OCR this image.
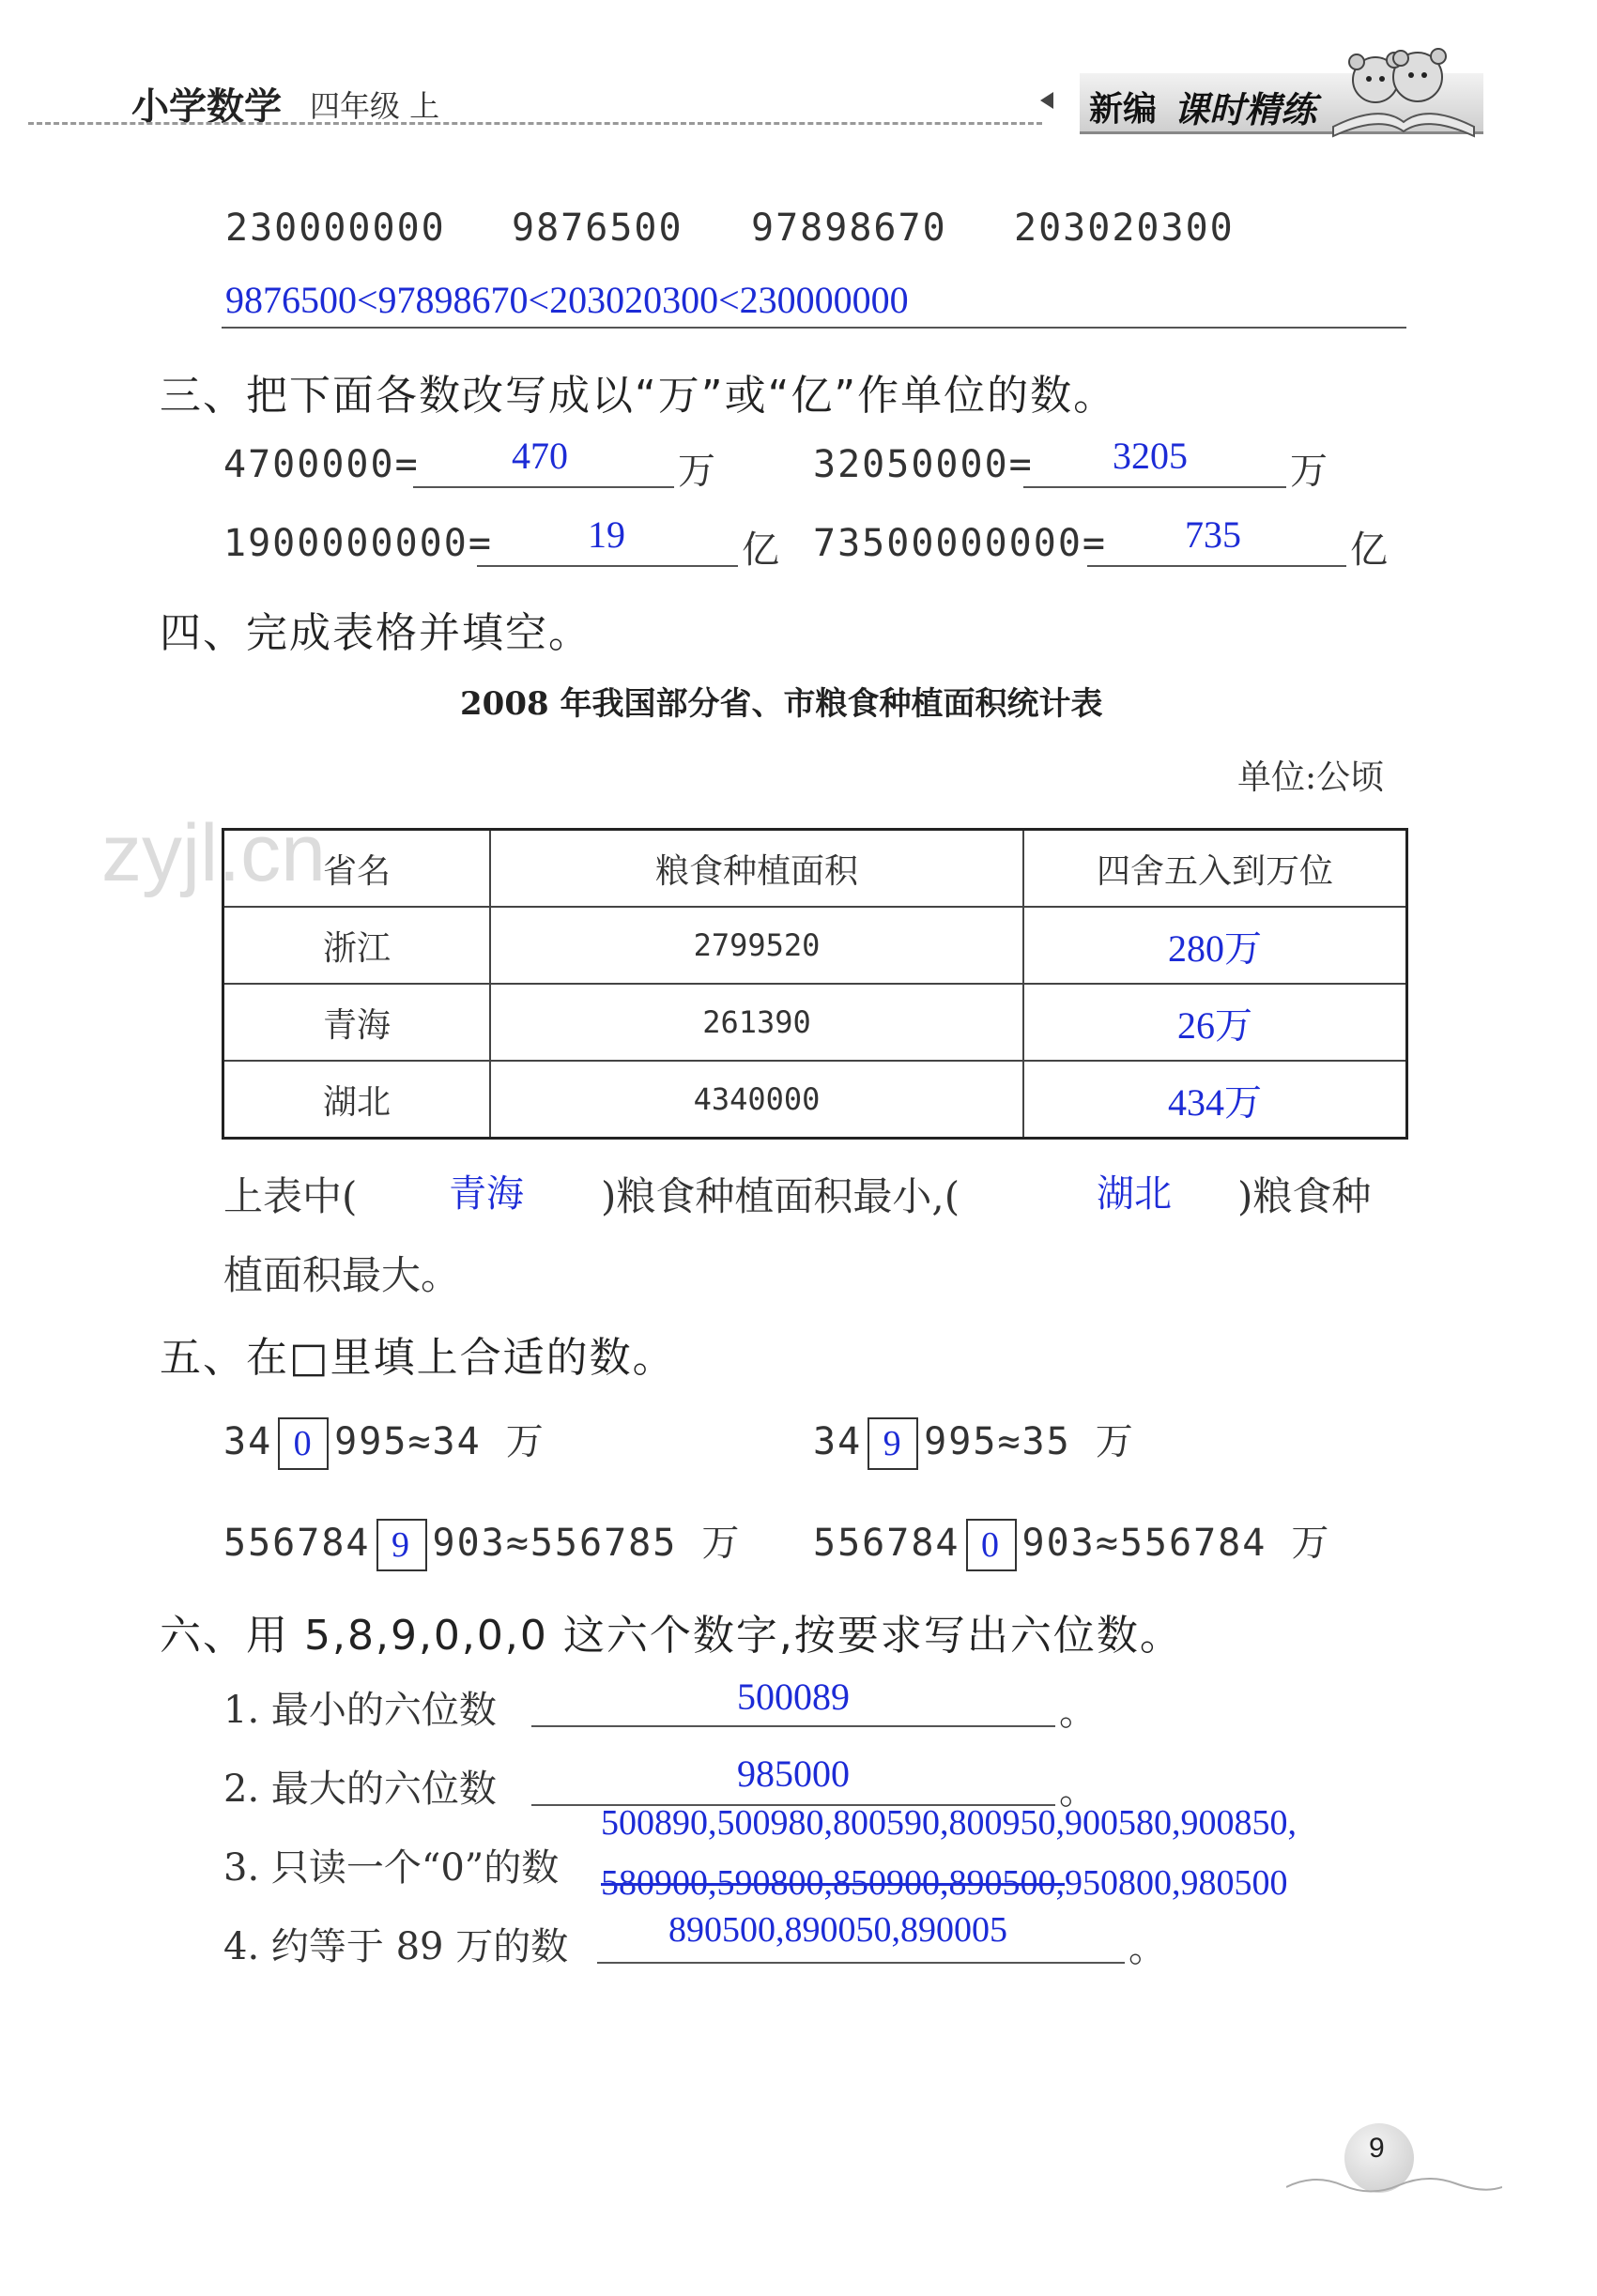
小学数学 四年级 上	新编 课时精练
230000000 9876500 97898670 203020300
9876500<97898670<203020300<230000000
三、把下面各数改写成以“万”或“亿”作单位的数。
4700000= 470	万	32050000= 3205	万
1900000000=	19	亿 73500000000= 735	亿
四、完成表格并填空。
2008 年我国部分省、市粮食种植面积统计表
单位:公顷
zyjl.cn
省名	粮食种植面积	四舍五入到万位
浙江	2799520	280万
青海	261390	26万
湖北	4340000	434万
上表中( 青海 )粮食种植面积最小,(	湖北 )粮食种
植面积最大。
五、在□里填上合适的数。
34 0 995≈34 万	34 9 995≈35 万
556784 9 903≈556785 万 556784 0 903≈556784 万
六、用 5,8,9,0,0,0 这六个数字,按要求写出六位数。
1. 最小的六位数	500089	。
2. 最大的六位数	985000	。
3. 只读一个“0”的数
500890,500980,800590,800950,900580,900850,
580900,590800,850900,890500,950800,980500
4. 约等于 89 万的数	890500,890050,890005	。
9
